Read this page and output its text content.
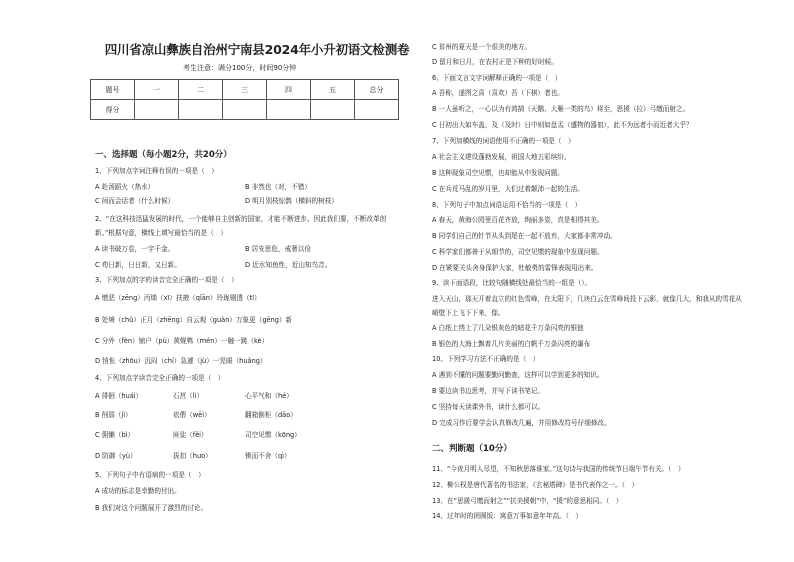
四川省凉山彝族自治州宁南县2024年小升初语文检测卷
考生注意：满分100分，时间90分钟
题号	一	二	三	四	五	总分
得分						
一、选择题（每小题2分，共20分）
1、下列加点字词注释有误的一项是（　）
A 赴汤蹈火（热水）	B 非然也（对，不错）
C 间而会话者（什么时候）	D 明月别枝惊鹊（横斜的树枝）
2、“在这科技迅猛发展的时代，一个能够自主创新的国家，才能不断进步。因此我们要，不断改革创
新。”根据句意，横线上填写最恰当的是（　）
A 读书破万卷，一字千金。	B 居安思危，戒奢以俭
C 苟日新，日日新，又日新。	D 近水知鱼性，近山知鸟音。
3、下列加点的字的读音完全正确的一项是（　）
A 憎恶（zēng）丙烯（xī）扶掖（qǐān）玲珑剔透（tī）
B 处境（chǔ）正月（zhēng）自云观（guàn）万象更（gēng）新
C 分外（fèn）铺户（pù）黄蚬鸭（mén）一触一跳（kè）
D 悄怅（zhōu）沉闷（chí）急遽（jù）一晃眼（huǎng）
4、下列加点字读音完全正确的一项是（　）
A 徘徊（huái）	石莒（lì）	心平气和（hé）
B 削弱（jì）	依偎（wēi）	翻箱倒柜（dǎo）
C 佣懒（bì）	匪徒（fěi）	司空见惯（kōng）
D 防御（yù）	拔扣（huo）	锲而不舍（qì）
5、下列句子中有语病的一项是（　）
A 成功的标志是幸勤的付出。
B 我们对这个问题展开了激烈的讨论。
C 贫州的夏天是一个很美的地方。
D 留月和日月，在农村正是下种的好时候。
6、下面文言文字词解释正确的一项是（　）
A 吾称，遂图之喜（喜欢）吾（下棋）者也。
B 一人虽听之，一心以为有鸿鹄（天鹅、大雁一类的鸟）将至，思援（拉）弓缴而射之。
C 日初出大如车盖，及（及时）日中则如盘盂（盛物的器皿），此不为远者小而近者大乎？
7、下列加横线的词语使用不正确的一项是（　）
A 社会主义建设蓬勃发展，祖国大地五彩缤纷。
B 这种现象司空见惯，也却能从中发现问题。
C 在兵荒马乱的岁月里，人们过着颠沛一起的生活。
8、下列句子中加点词语运用不恰当的一项是（　）
A 春天，黄海公园里百花齐放，绚丽多姿，真是相得其美。
B 同学们自己的针节从头到尾在一起不放弃，大家都非常冲动。
C 科学家们都善于从细节的，司空见惯的现象中发现问题。
D 在紧要关头舍身保护大家，牡敏勇的雷锋表现用出来。
9、读下面语段，比较句随横线处最恰当的一组是（）。
进入天山，那天开着直立的红色雪峰，在太阳下，几块白云在雪峰间投下云影，就像几大，和我从的雪花从
峭壁下上飞下下来，像。
A 白纸上绣上了几朵银灰色的暗花千万条闪亮的银链
B 银色的大海上飘着几片美丽的白帆千万条闪亮的瀑布
10、下列学习方法不正确的是（　）
A 遇到不懂的问题要勤问勤查，这样可以学到更多的知识。
B 要边读书边思考，并写下读书笔记。
C 坚持每天读课外书，读什么都可以。
D 完成习作后要学会认真修改几遍，并用修改符号仔细修改。
二、判断题（10分）
11、“今夜月明人尽望，不知秋思落谁家。”这句诗与我国的传统节日端午节有关。（　）
12、柳公权是唐代著名的书法家，《玄秘塔碑》是书代表作之一。（　）
13、在“思援弓缴而射之”“抗美援朝”中，“援”的意思相同。（　）
14、过年时的团圆饭：寓意万事如意年年高。（　）
